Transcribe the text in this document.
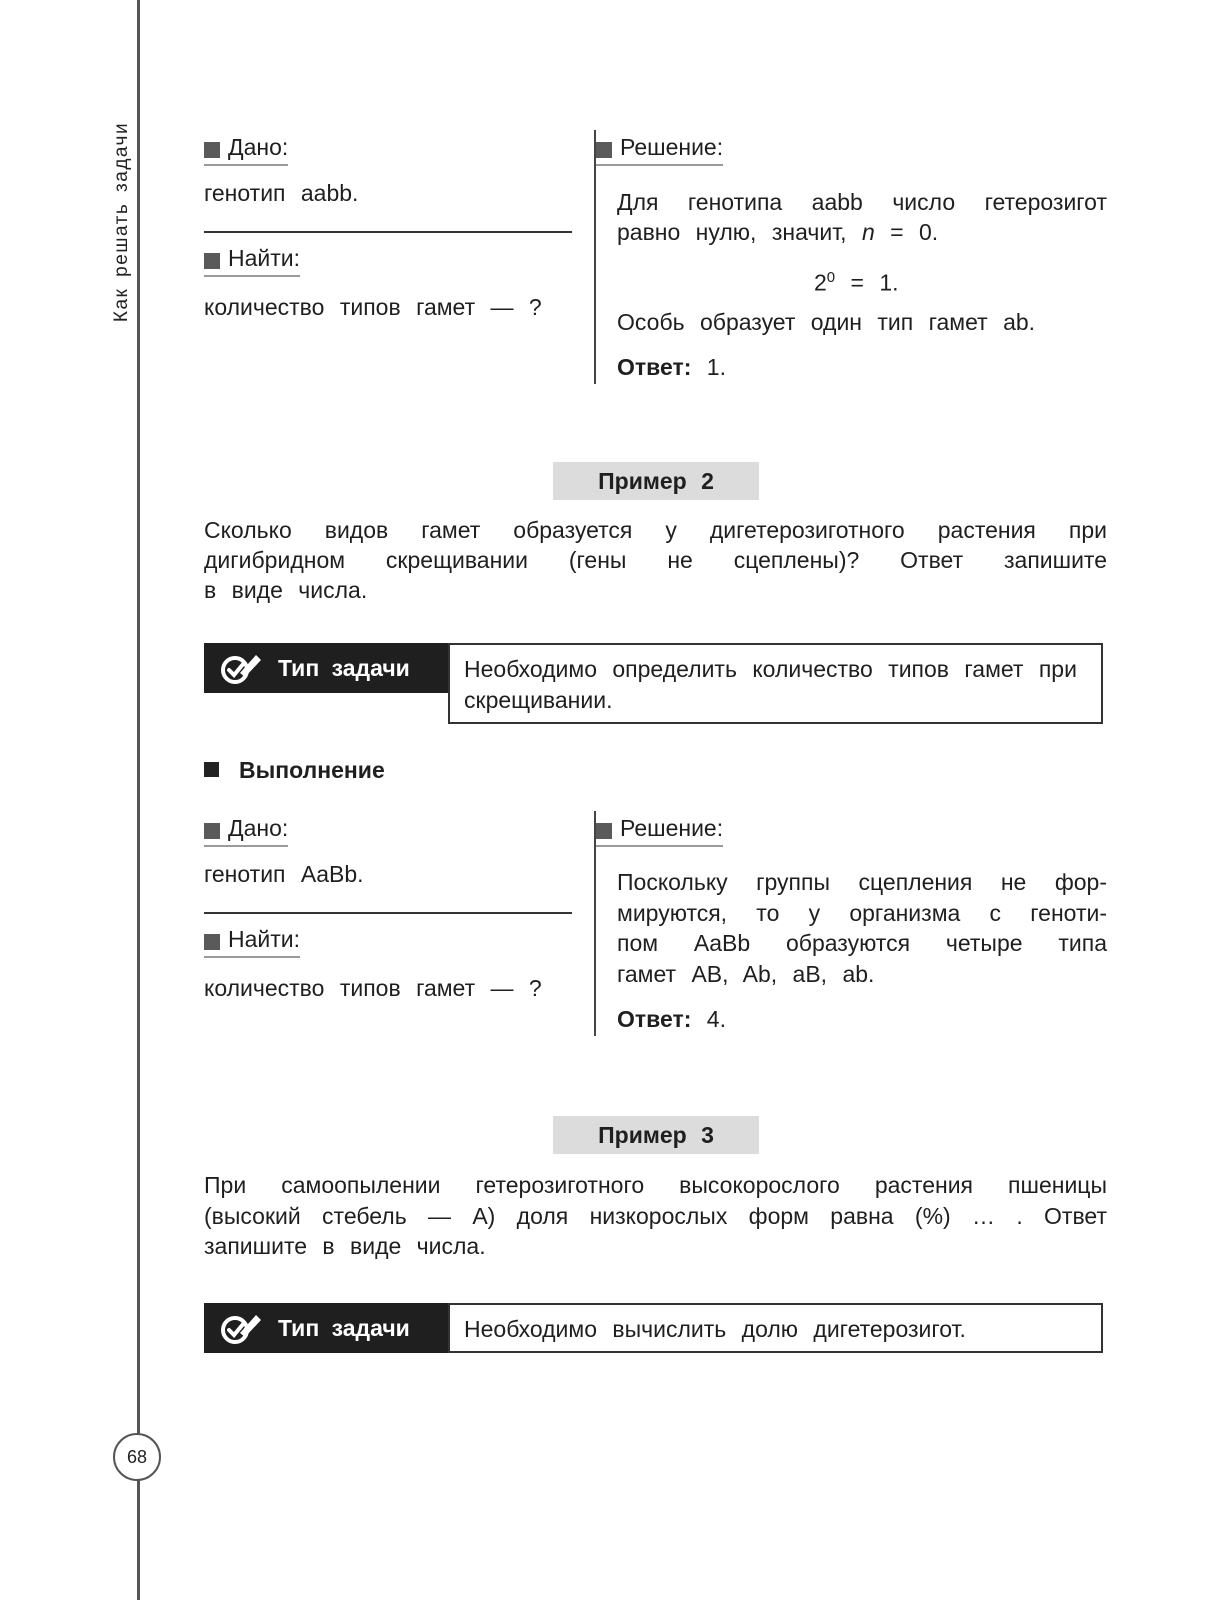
Как решать задачи
68
Дано:
генотип aabb.
Найти:
количество типов гамет — ?
Решение:
Для генотипа aabb число гетерозигот
равно нулю, значит, n = 0.
$2^0 = 1$.
Особь образует один тип гамет ab.
Ответ: 1.
Пример 2
Сколько видов гамет образуется у дигетерозиготного растения при
дигибридном скрещивании (гены не сцеплены)? Ответ запишите
в виде числа.
Тип задачи	Необходимо определить количество типов гамет при скрещивании.
Выполнение
Дано:
генотип AaBb.
Найти:
количество типов гамет — ?
Решение:
Поскольку группы сцепления не фор-
мируются, то у организма с геноти-
пом AaBb образуются четыре типа
гамет AB, Ab, aB, ab.
Ответ: 4.
Пример 3
При самоопылении гетерозиготного высокорослого растения пшеницы
(высокий стебель — A) доля низкорослых форм равна (%) … . Ответ
запишите в виде числа.
Тип задачи	Необходимо вычислить долю дигетерозигот.
